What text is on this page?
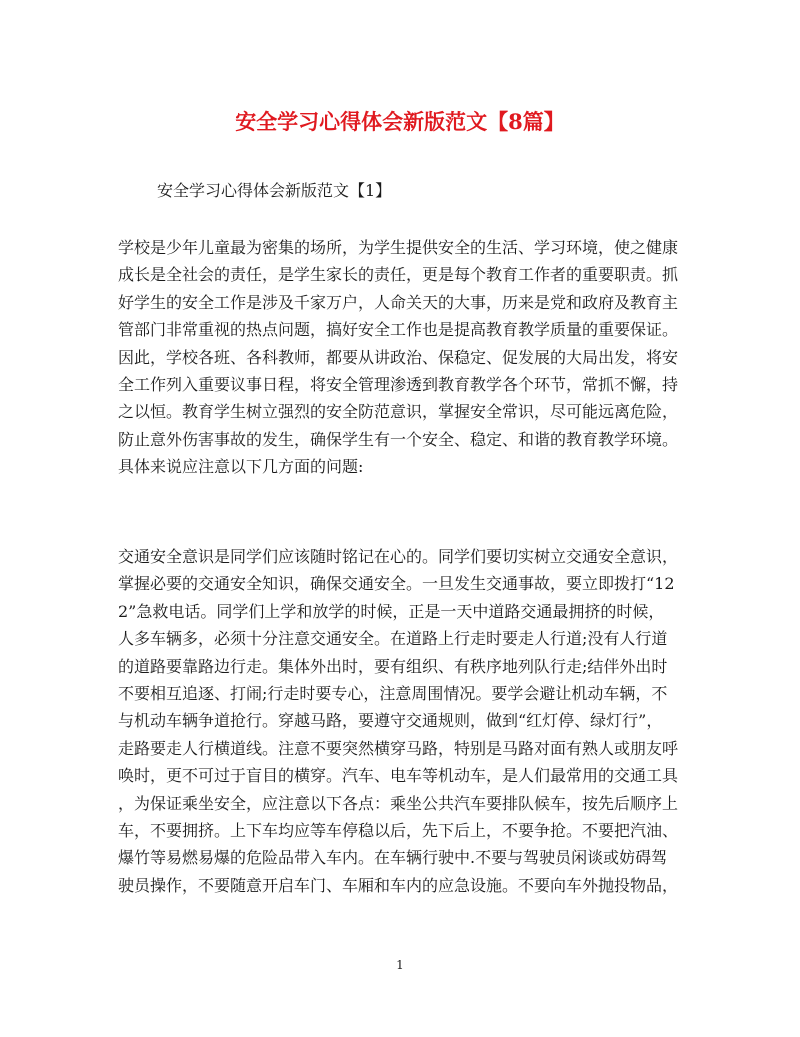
安全学习心得体会新版范文【8篇】

安全学习心得体会新版范文【1】

学校是少年儿童最为密集的场所，为学生提供安全的生活、学习环境，使之健康
成长是全社会的责任，是学生家长的责任，更是每个教育工作者的重要职责。抓
好学生的安全工作是涉及千家万户，人命关天的大事，历来是党和政府及教育主
管部门非常重视的热点问题，搞好安全工作也是提高教育教学质量的重要保证。
因此，学校各班、各科教师，都要从讲政治、保稳定、促发展的大局出发，将安
全工作列入重要议事日程，将安全管理渗透到教育教学各个环节，常抓不懈，持
之以恒。教育学生树立强烈的安全防范意识，掌握安全常识，尽可能远离危险，
防止意外伤害事故的发生，确保学生有一个安全、稳定、和谐的教育教学环境。
具体来说应注意以下几方面的问题:

交通安全意识是同学们应该随时铭记在心的。同学们要切实树立交通安全意识，
掌握必要的交通安全知识，确保交通安全。一旦发生交通事故，要立即拨打“12
2”急救电话。同学们上学和放学的时候，正是一天中道路交通最拥挤的时候，
人多车辆多，必须十分注意交通安全。在道路上行走时要走人行道;没有人行道
的道路要靠路边行走。集体外出时，要有组织、有秩序地列队行走;结伴外出时
不要相互追逐、打闹;行走时要专心，注意周围情况。要学会避让机动车辆，不
与机动车辆争道抢行。穿越马路，要遵守交通规则，做到“红灯停、绿灯行”，
走路要走人行横道线。注意不要突然横穿马路，特别是马路对面有熟人或朋友呼
唤时，更不可过于盲目的横穿。汽车、电车等机动车，是人们最常用的交通工具
，为保证乘坐安全，应注意以下各点：乘坐公共汽车要排队候车，按先后顺序上
车，不要拥挤。上下车均应等车停稳以后，先下后上，不要争抢。不要把汽油、
爆竹等易燃易爆的危险品带入车内。在车辆行驶中.不要与驾驶员闲谈或妨碍驾
驶员操作，不要随意开启车门、车厢和车内的应急设施。不要向车外抛投物品，

1
